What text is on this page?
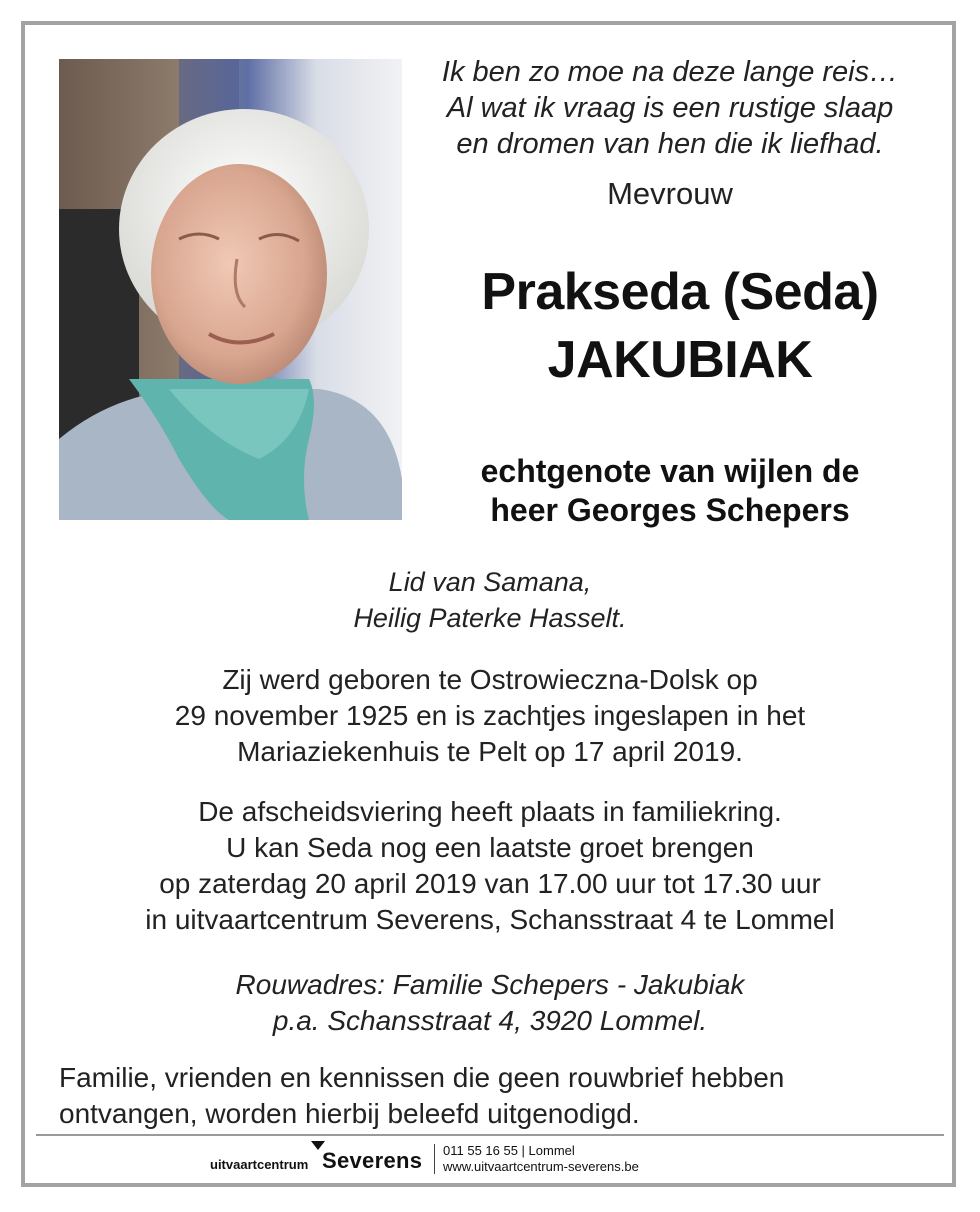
Ik ben zo moe na deze lange reis…
Al wat ik vraag is een rustige slaap
en dromen van hen die ik liefhad.
Mevrouw
Prakseda (Seda)
JAKUBIAK
echtgenote van wijlen de
heer Georges Schepers
Lid van Samana,
Heilig Paterke Hasselt.
Zij werd geboren te Ostrowieczna-Dolsk op
29 november 1925 en is zachtjes ingeslapen in het
Mariaziekenhuis te Pelt op 17 april 2019.
De afscheidsviering heeft plaats in familiekring.
U kan Seda nog een laatste groet brengen
op zaterdag 20 april 2019 van 17.00 uur tot 17.30 uur
in uitvaartcentrum Severens, Schansstraat 4 te Lommel
Rouwadres: Familie Schepers - Jakubiak
p.a. Schansstraat 4, 3920 Lommel.
Familie, vrienden en kennissen die geen rouwbrief hebben
ontvangen, worden hierbij beleefd uitgenodigd.
uitvaartcentrum Severens 011 55 16 55 | Lommel
www.uitvaartcentrum-severens.be
